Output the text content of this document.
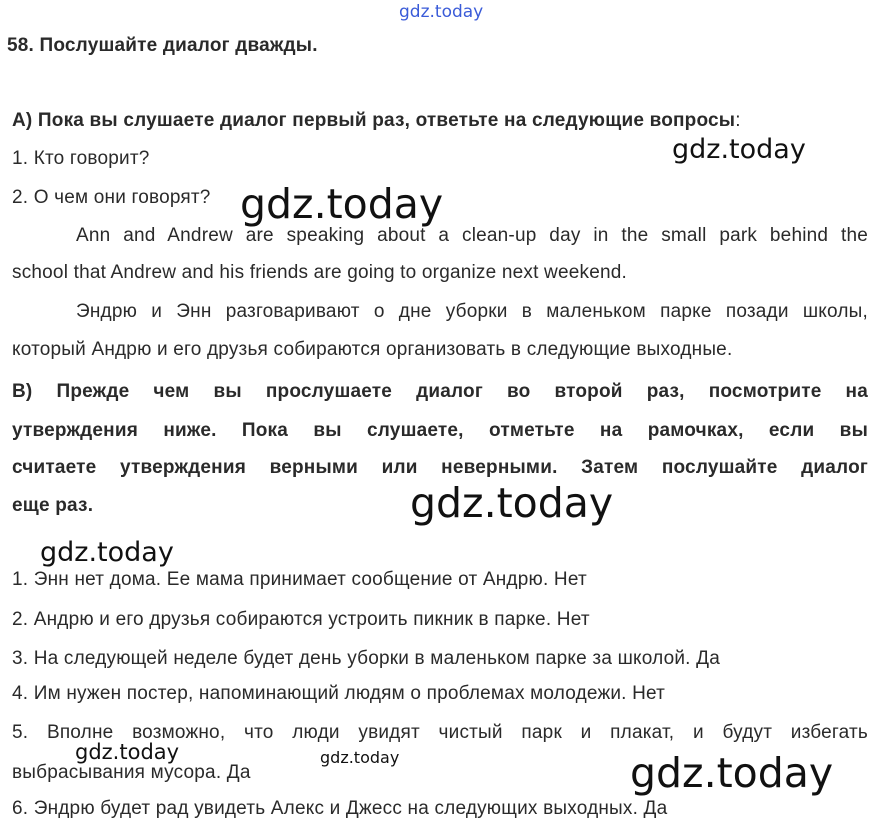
gdz.today
gdz.today
gdz.today
gdz.today
gdz.today
gdz.today	gdz.today	gdz.today
58. Послушайте диалог дважды.
A) Пока вы слушаете диалог первый раз, ответьте на следующие вопросы:
1. Кто говорит?
2. О чем они говорят?
Ann and Andrew are speaking about a clean-up day in the small park behind the
school that Andrew and his friends are going to organize next weekend.
Эндрю и Энн разговаривают о дне уборки в маленьком парке позади школы,
который Андрю и его друзья собираются организовать в следующие выходные.
B) Прежде чем вы прослушаете диалог во второй раз, посмотрите на
утверждения ниже. Пока вы слушаете, отметьте на рамочках, если вы
считаете утверждения верными или неверными. Затем послушайте диалог
еще раз.
1. Энн нет дома. Ее мама принимает сообщение от Андрю. Нет
2. Андрю и его друзья собираются устроить пикник в парке. Нет
3. На следующей неделе будет день уборки в маленьком парке за школой. Да
4. Им нужен постер, напоминающий людям о проблемах молодежи. Нет
5. Вполне возможно, что люди увидят чистый парк и плакат, и будут избегать
выбрасывания мусора. Да
6. Эндрю будет рад увидеть Алекс и Джесс на следующих выходных. Да
